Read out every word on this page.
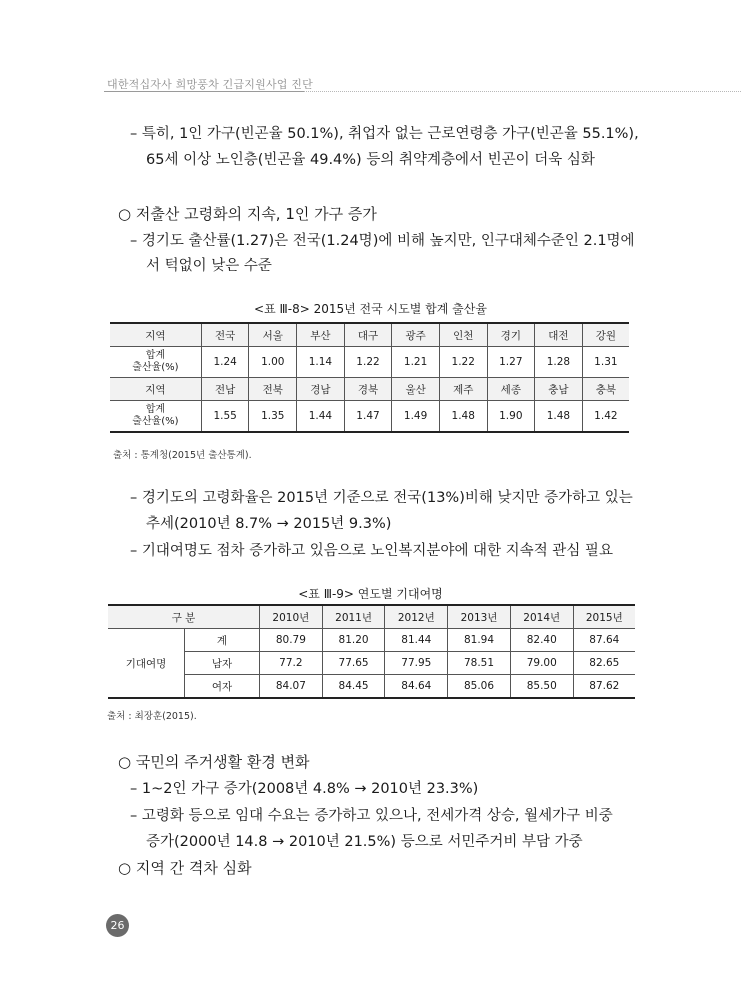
대한적십자사 희망풍차 긴급지원사업 진단
– 특히, 1인 가구(빈곤율 50.1%), 취업자 없는 근로연령층 가구(빈곤율 55.1%),
65세 이상 노인층(빈곤율 49.4%) 등의 취약계층에서 빈곤이 더욱 심화
○ 저출산 고령화의 지속, 1인 가구 증가
– 경기도 출산률(1.27)은 전국(1.24명)에 비해 높지만, 인구대체수준인 2.1명에
서 턱없이 낮은 수준
<표 Ⅲ-8> 2015년 전국 시도별 합계 출산율
지역	전국	서울	부산	대구	광주	인천	경기	대전	강원
합계
출산율(%)	1.24	1.00	1.14	1.22	1.21	1.22	1.27	1.28	1.31
지역	전남	전북	경남	경북	울산	제주	세종	충남	충북
합계
출산율(%)	1.55	1.35	1.44	1.47	1.49	1.48	1.90	1.48	1.42
출처 : 통계청(2015년 출산통계).
– 경기도의 고령화율은 2015년 기준으로 전국(13%)비해 낮지만 증가하고 있는
추세(2010년 8.7% → 2015년 9.3%)
– 기대여명도 점차 증가하고 있음으로 노인복지분야에 대한 지속적 관심 필요
<표 Ⅲ-9> 연도별 기대여명
구 분		2010년	2011년	2012년	2013년	2014년	2015년
기대여명	계	80.79	81.20	81.44	81.94	82.40	87.64
	남자	77.2	77.65	77.95	78.51	79.00	82.65
	여자	84.07	84.45	84.64	85.06	85.50	87.62
출처 : 최장훈(2015).
○ 국민의 주거생활 환경 변화
– 1~2인 가구 증가(2008년 4.8% → 2010년 23.3%)
– 고령화 등으로 임대 수요는 증가하고 있으나, 전세가격 상승, 월세가구 비중
증가(2000년 14.8 → 2010년 21.5%) 등으로 서민주거비 부담 가중
○ 지역 간 격차 심화
26
